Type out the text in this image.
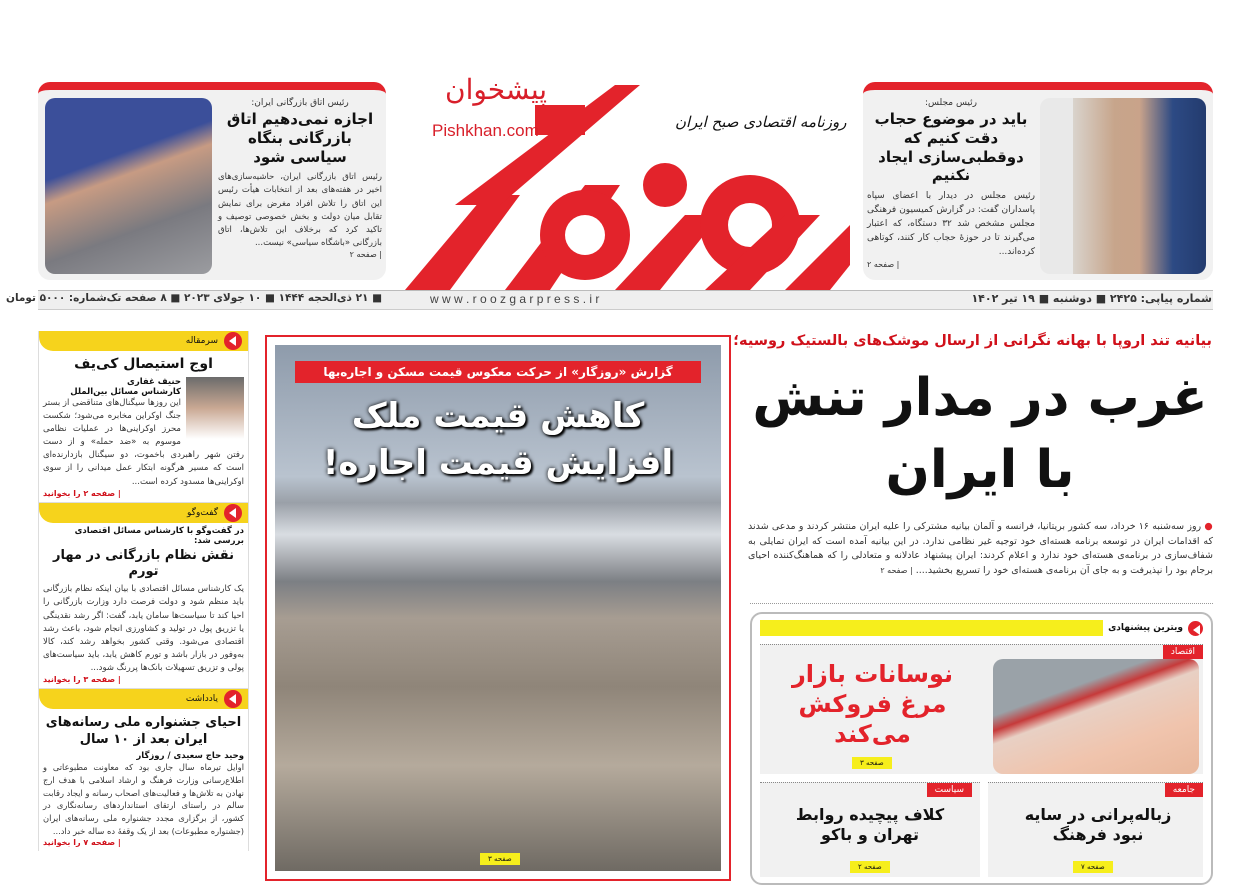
پیشخوان
Pishkhan.com	روزنامه اقتصادی صبح ایران
رئیس مجلس:
باید در موضوع حجاب دقت کنیم که دوقطبی‌سازی ایجاد نکنیم
رئیس مجلس در دیدار با اعضای سپاه پاسداران گفت: در گزارش کمیسیون فرهنگی مجلس مشخص شد ۳۲ دستگاه، که اعتبار می‌گیرند تا در حوزهٔ حجاب کار کنند، کوتاهی کرده‌اند...
| صفحه ۲
رئیس اتاق بازرگانی ایران:
اجازه نمی‌دهیم اتاق بازرگانی بنگاه سیاسی شود
رئیس اتاق بازرگانی ایران، حاشیه‌سازی‌های اخیر در هفته‌های بعد از انتخابات هیأت رئیس این اتاق را تلاش افراد مغرض برای نمایش تقابل میان دولت و بخش خصوصی توصیف و تاکید کرد که برخلاف این تلاش‌ها، اتاق بازرگانی «باشگاه سیاسی» نیست...
| صفحه ۲
شماره پیاپی: ۲۴۲۵ ■ دوشنبه ■ ۱۹ تیر ۱۴۰۲
w w w . r o o z g a r p r e s s . i r
■ ۲۱ ذی‌الحجه ۱۴۴۴ ■ ۱۰ جولای ۲۰۲۳ ■ ۸ صفحه تک‌شماره: ۵۰۰۰ تومان
سرمقاله
اوج استیصال کی‌یف
حنیف غفاری
کارشناس مسائل بین‌الملل
این روزها سیگنال‌های متناقضی از بستر جنگ اوکراین مخابره می‌شود؛ شکست محرز اوکراینی‌ها در عملیات نظامی موسوم به «ضد حمله» و از دست رفتن شهر راهبردی باخموت، دو سیگنال بازدارنده‌ای است که مسیر هرگونه ابتکار عمل میدانی را از سوی اوکراینی‌ها مسدود کرده است...
| صفحه ۲ را بخوانید
گفت‌وگو
در گفت‌وگو با کارشناس مسائل اقتصادی بررسی شد:
نقش نظام بازرگانی در مهار تورم
یک کارشناس مسائل اقتصادی با بیان اینکه نظام بازرگانی باید منظم شود و دولت فرصت دارد وزارت بازرگانی را احیا کند تا سیاست‌ها سامان یابد، گفت: اگر رشد نقدینگی یا تزریق پول در تولید و کشاورزی انجام شود، باعث رشد اقتصادی می‌شود. وقتی کشور بخواهد رشد کند، کالا به‌وفور در بازار باشد و تورم کاهش یابد، باید سیاست‌های پولی و تزریق تسهیلات بانک‌ها پررنگ شود...
| صفحه ۳ را بخوانید
یادداشت
احیای جشنواره ملی رسانه‌های ایران بعد از ۱۰ سال
وحید حاج سعیدی / روزگار
اوایل تیرماه سال جاری بود که معاونت مطبوعاتی و اطلاع‌رسانی وزارت فرهنگ و ارشاد اسلامی با هدف ارج نهادن به تلاش‌ها و فعالیت‌های اصحاب رسانه و ایجاد رقابت سالم در راستای ارتقای استانداردهای رسانه‌نگاری در کشور، از برگزاری مجدد جشنواره ملی رسانه‌های ایران (جشنواره مطبوعات) بعد از یک وقفهٔ ده ساله خبر داد...
| صفحه ۷ را بخوانید
گزارش «روزگار» از حرکت معکوس قیمت مسکن و اجاره‌بها
کاهش قیمت ملک
افزایش قیمت اجاره!
صفحه ۳
بیانیه تند اروپا با بهانه نگرانی از ارسال موشک‌های بالستیک روسیه؛
غرب در مدار تنش
با ایران
● روز سه‌شنبه ۱۶ خرداد، سه کشور بریتانیا، فرانسه و آلمان بیانیه مشترکی را علیه ایران منتشر کردند و مدعی شدند که اقدامات ایران در توسعه برنامه هسته‌ای خود توجیه غیر نظامی ندارد. در این بیانیه آمده است که ایران تمایلی به شفاف‌سازی در برنامه‌ی هسته‌ای خود ندارد و اعلام کردند: ایران پیشنهاد عادلانه و متعادلی را که هماهنگ‌کننده احیای برجام بود را نپذیرفت و به جای آن برنامه‌ی هسته‌ای خود را تسریع بخشید.... | صفحه ۲
ویترین پیشنهادی
اقتصاد
نوسانات بازار مرغ فروکش می‌کند
صفحه ۳
جامعه
زباله‌پرانی در سایه نبود فرهنگ
صفحه ۷
سیاست
کلاف پیچیده روابط تهران و باکو
صفحه ۲
